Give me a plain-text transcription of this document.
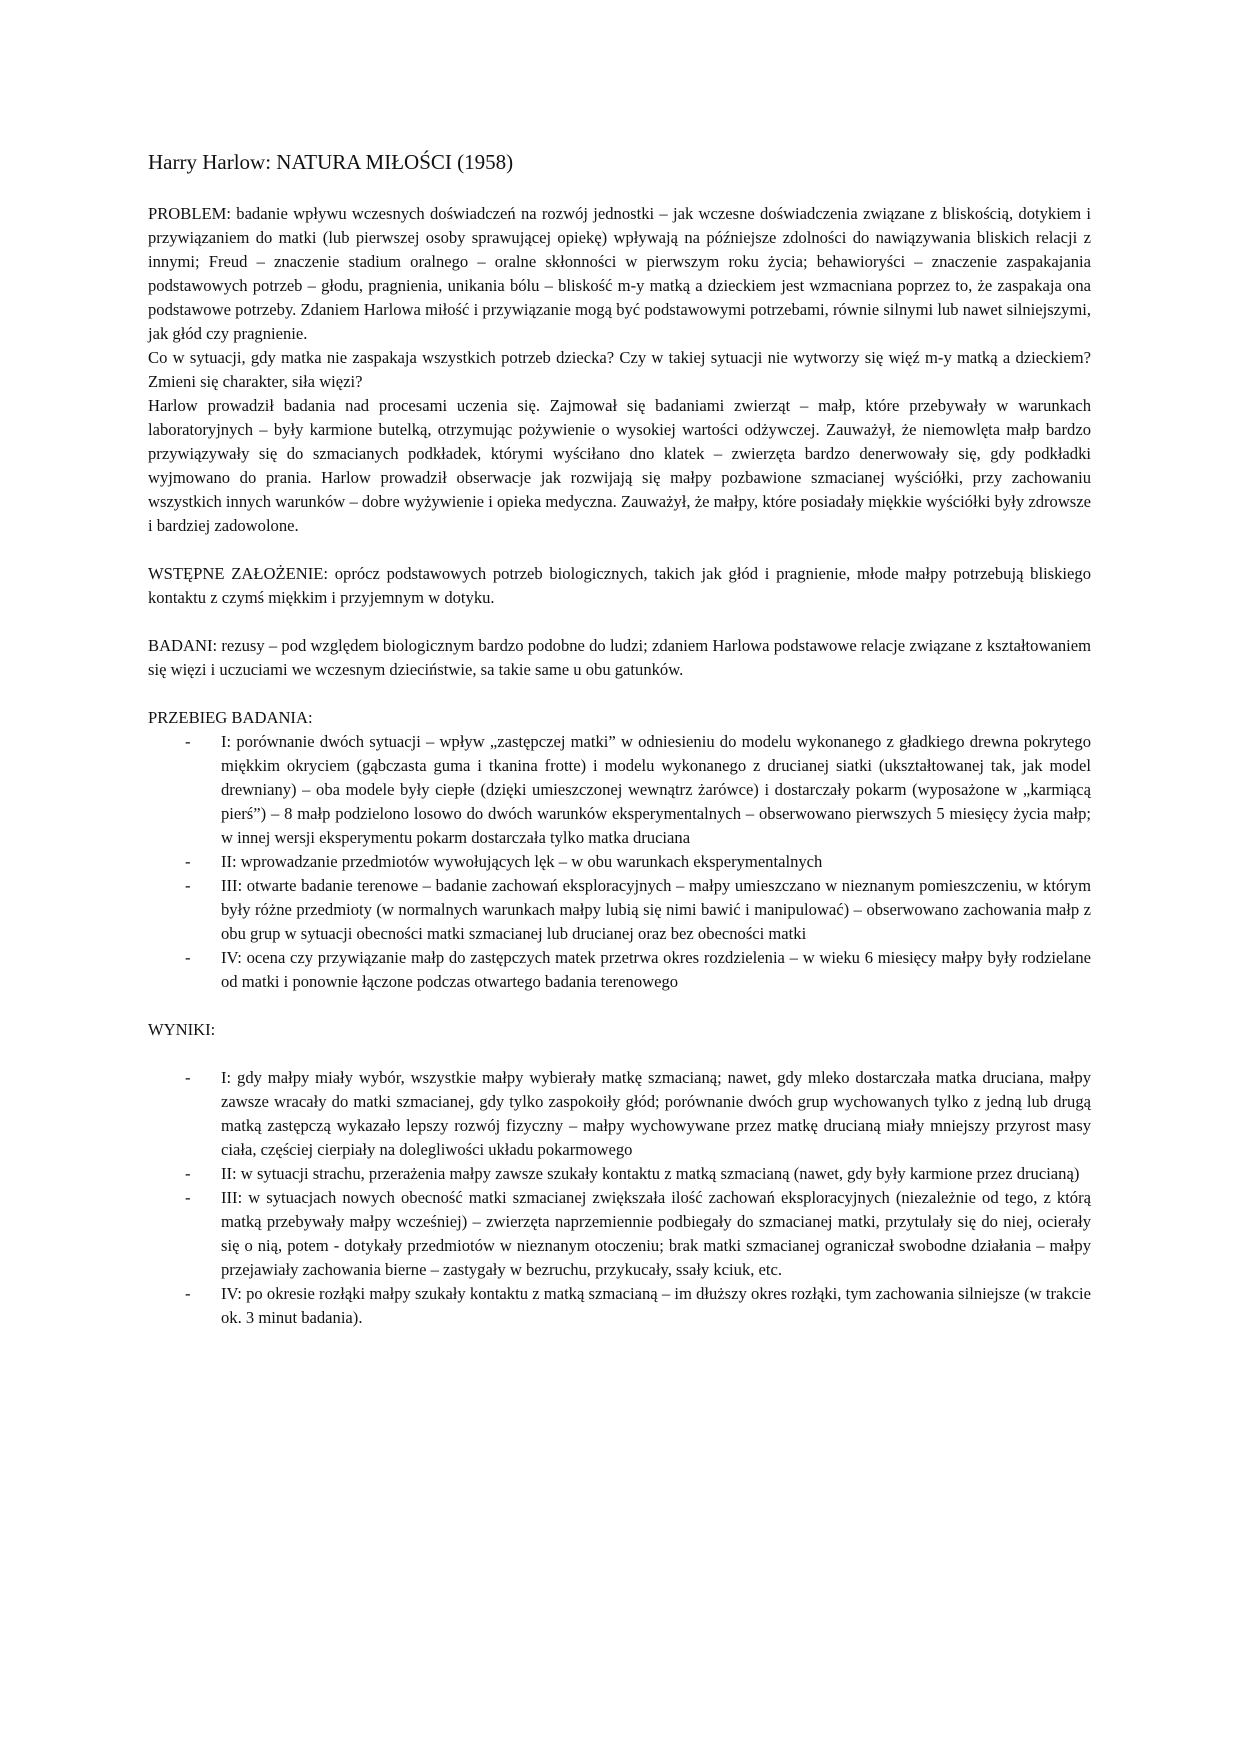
Harry Harlow: NATURA MIŁOŚCI (1958)

PROBLEM: badanie wpływu wczesnych doświadczeń na rozwój jednostki – jak wczesne doświadczenia związane z bliskością, dotykiem i przywiązaniem do matki (lub pierwszej osoby sprawującej opiekę) wpływają na późniejsze zdolności do nawiązywania bliskich relacji z innymi; Freud – znaczenie stadium oralnego – oralne skłonności w pierwszym roku życia; behawioryści – znaczenie zaspakajania podstawowych potrzeb – głodu, pragnienia, unikania bólu – bliskość m-y matką a dzieckiem jest wzmacniana poprzez to, że zaspakaja ona podstawowe potrzeby. Zdaniem Harlowa miłość i przywiązanie mogą być podstawowymi potrzebami, równie silnymi lub nawet silniejszymi, jak głód czy pragnienie.

Co w sytuacji, gdy matka nie zaspakaja wszystkich potrzeb dziecka? Czy w takiej sytuacji nie wytworzy się więź m-y matką a dzieckiem? Zmieni się charakter, siła więzi?

Harlow prowadził badania nad procesami uczenia się. Zajmował się badaniami zwierząt – małp, które przebywały w warunkach laboratoryjnych – były karmione butelką, otrzymując pożywienie o wysokiej wartości odżywczej. Zauważył, że niemowlęta małp bardzo przywiązywały się do szmacianych podkładek, którymi wyściłano dno klatek – zwierzęta bardzo denerwowały się, gdy podkładki wyjmowano do prania. Harlow prowadził obserwacje jak rozwijają się małpy pozbawione szmacianej wyściółki, przy zachowaniu wszystkich innych warunków – dobre wyżywienie i opieka medyczna. Zauważył, że małpy, które posiadały miękkie wyściółki były zdrowsze i bardziej zadowolone.

WSTĘPNE ZAŁOŻENIE: oprócz podstawowych potrzeb biologicznych, takich jak głód i pragnienie, młode małpy potrzebują bliskiego kontaktu z czymś miękkim i przyjemnym w dotyku.

BADANI: rezusy – pod względem biologicznym bardzo podobne do ludzi; zdaniem Harlowa podstawowe relacje związane z kształtowaniem się więzi i uczuciami we wczesnym dzieciństwie, sa takie same u obu gatunków.

PRZEBIEG BADANIA:

- I: porównanie dwóch sytuacji – wpływ „zastępczej matki” w odniesieniu do modelu wykonanego z gładkiego drewna pokrytego miękkim okryciem (gąbczasta guma i tkanina frotte) i modelu wykonanego z drucianej siatki (ukształtowanej tak, jak model drewniany) – oba modele były ciepłe (dzięki umieszczonej wewnątrz żarówce) i dostarczały pokarm (wyposażone w „karmiącą pierś”) – 8 małp podzielono losowo do dwóch warunków eksperymentalnych – obserwowano pierwszych 5 miesięcy życia małp; w innej wersji eksperymentu pokarm dostarczała tylko matka druciana
- II: wprowadzanie przedmiotów wywołujących lęk – w obu warunkach eksperymentalnych
- III: otwarte badanie terenowe – badanie zachowań eksploracyjnych – małpy umieszczano w nieznanym pomieszczeniu, w którym były różne przedmioty (w normalnych warunkach małpy lubią się nimi bawić i manipulować) – obserwowano zachowania małp z obu grup w sytuacji obecności matki szmacianej lub drucianej oraz bez obecności matki
- IV: ocena czy przywiązanie małp do zastępczych matek przetrwa okres rozdzielenia – w wieku 6 miesięcy małpy były rodzielane od matki i ponownie łączone podczas otwartego badania terenowego

WYNIKI:

- I: gdy małpy miały wybór, wszystkie małpy wybierały matkę szmacianą; nawet, gdy mleko dostarczała matka druciana, małpy zawsze wracały do matki szmacianej, gdy tylko zaspokoiły głód; porównanie dwóch grup wychowanych tylko z jedną lub drugą matką zastępczą wykazało lepszy rozwój fizyczny – małpy wychowywane przez matkę drucianą miały mniejszy przyrost masy ciała, częściej cierpiały na dolegliwości układu pokarmowego
- II: w sytuacji strachu, przerażenia małpy zawsze szukały kontaktu z matką szmacianą (nawet, gdy były karmione przez drucianą)
- III: w sytuacjach nowych obecność matki szmacianej zwiększała ilość zachowań eksploracyjnych (niezależnie od tego, z którą matką przebywały małpy wcześniej) – zwierzęta naprzemiennie podbiegały do szmacianej matki, przytulały się do niej, ocierały się o nią, potem - dotykały przedmiotów w nieznanym otoczeniu; brak matki szmacianej ograniczał swobodne działania – małpy przejawiały zachowania bierne – zastygały w bezruchu, przykucały, ssały kciuk, etc.
- IV: po okresie rozłąki małpy szukały kontaktu z matką szmacianą – im dłuższy okres rozłąki, tym zachowania silniejsze (w trakcie ok. 3 minut badania).
